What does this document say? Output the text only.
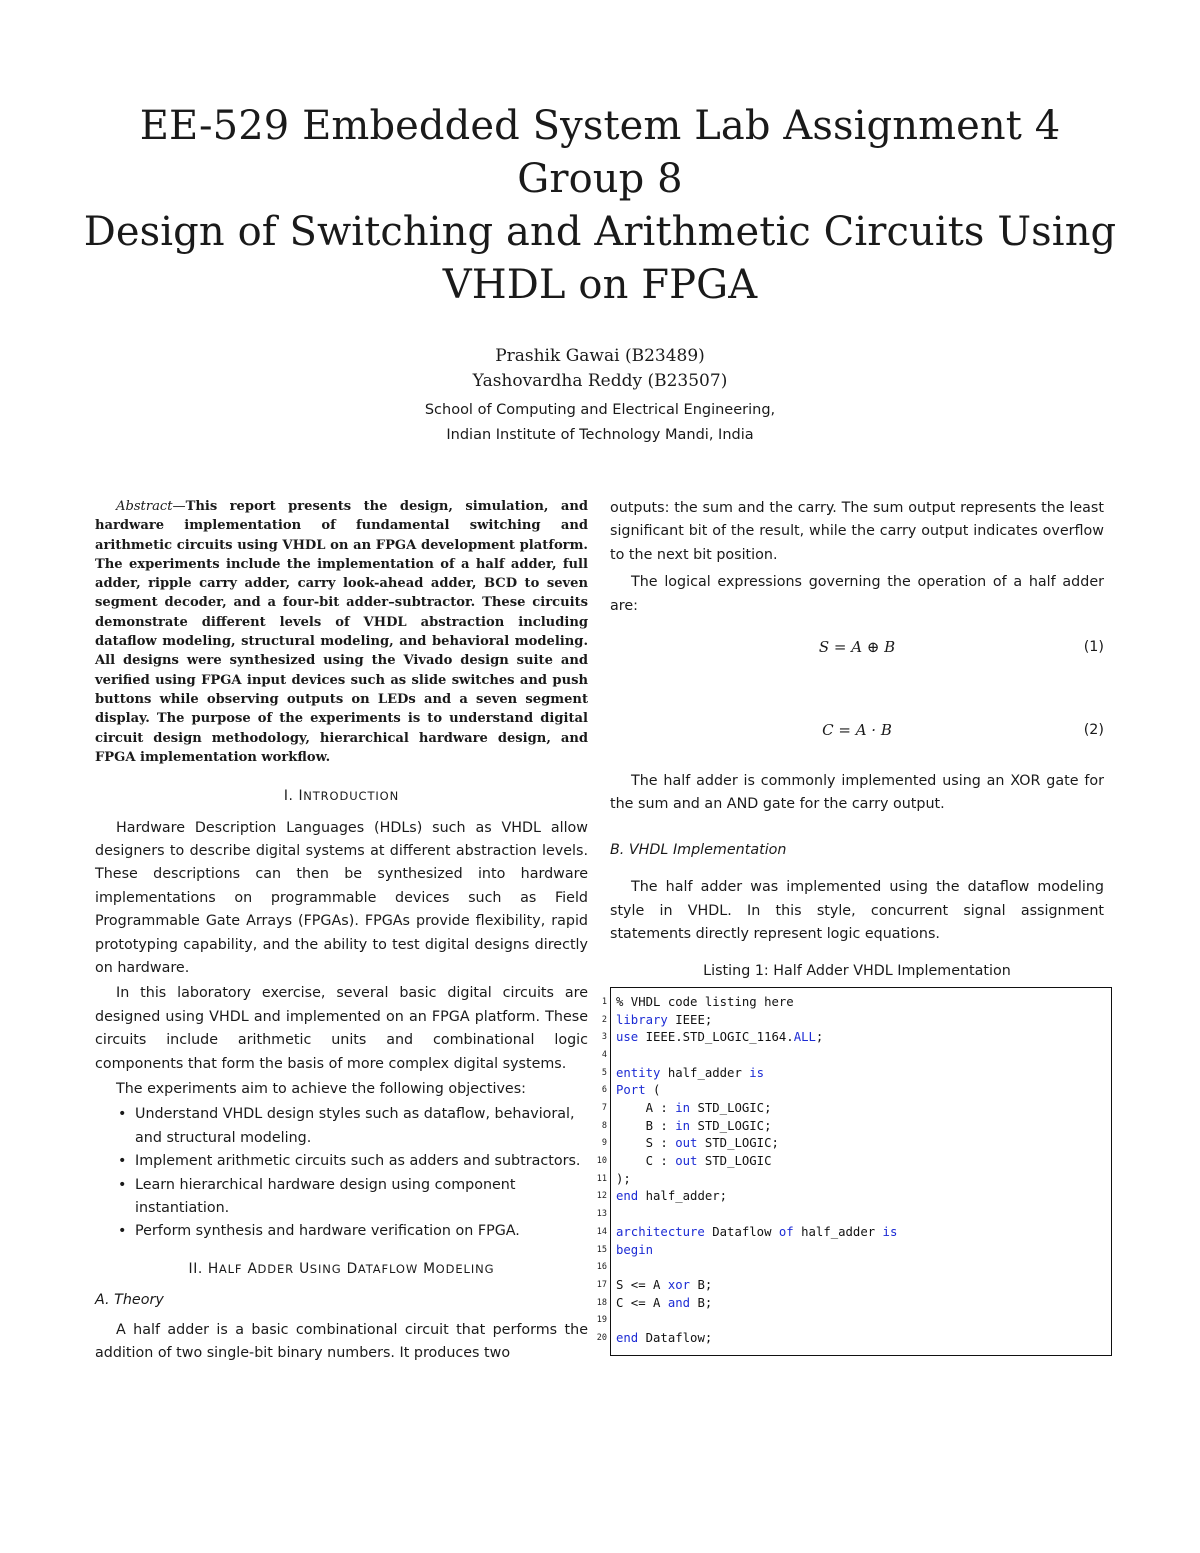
EE-529 Embedded System Lab Assignment 4
Group 8
Design of Switching and Arithmetic Circuits Using
VHDL on FPGA
Prashik Gawai (B23489)
Yashovardha Reddy (B23507)
School of Computing and Electrical Engineering,
Indian Institute of Technology Mandi, India

Abstract—This report presents the design, simulation, and hardware implementation of fundamental switching and arithmetic circuits using VHDL on an FPGA development platform. The experiments include the implementation of a half adder, full adder, ripple carry adder, carry look-ahead adder, BCD to seven segment decoder, and a four-bit adder–subtractor. These circuits demonstrate different levels of VHDL abstraction including dataflow modeling, structural modeling, and behavioral modeling. All designs were synthesized using the Vivado design suite and verified using FPGA input devices such as slide switches and push buttons while observing outputs on LEDs and a seven segment display. The purpose of the experiments is to understand digital circuit design methodology, hierarchical hardware design, and FPGA implementation workflow.

I. INTRODUCTION

Hardware Description Languages (HDLs) such as VHDL allow designers to describe digital systems at different abstraction levels. These descriptions can then be synthesized into hardware implementations on programmable devices such as Field Programmable Gate Arrays (FPGAs). FPGAs provide flexibility, rapid prototyping capability, and the ability to test digital designs directly on hardware.

In this laboratory exercise, several basic digital circuits are designed using VHDL and implemented on an FPGA platform. These circuits include arithmetic units and combinational logic components that form the basis of more complex digital systems.

The experiments aim to achieve the following objectives:

• Understand VHDL design styles such as dataflow, behavioral, and structural modeling.
• Implement arithmetic circuits such as adders and subtractors.
• Learn hierarchical hardware design using component instantiation.
• Perform synthesis and hardware verification on FPGA.
II. HALF ADDER USING DATAFLOW MODELING
A. Theory

A half adder is a basic combinational circuit that performs the addition of two single-bit binary numbers. It produces two

outputs: the sum and the carry. The sum output represents the least significant bit of the result, while the carry output indicates overflow to the next bit position.

The logical expressions governing the operation of a half adder are:

S = A ⊕ B	(1)
C = A · B	(2)

The half adder is commonly implemented using an XOR gate for the sum and an AND gate for the carry output.

B. VHDL Implementation

The half adder was implemented using the dataflow modeling style in VHDL. In this style, concurrent signal assignment statements directly represent logic equations.

Listing 1: Half Adder VHDL Implementation
1 % VHDL code listing here
2 library IEEE;
3 use IEEE.STD_LOGIC_1164.ALL;
4
5 entity half_adder is
6 Port (
7 A : in STD_LOGIC;
8 B : in STD_LOGIC;
9 S : out STD_LOGIC;
10 C : out STD_LOGIC
11 );
12 end half_adder;
13
14 architecture Dataflow of half_adder is
15 begin
16
17 S <= A xor B;
18 C <= A and B;
19
20 end Dataflow;
